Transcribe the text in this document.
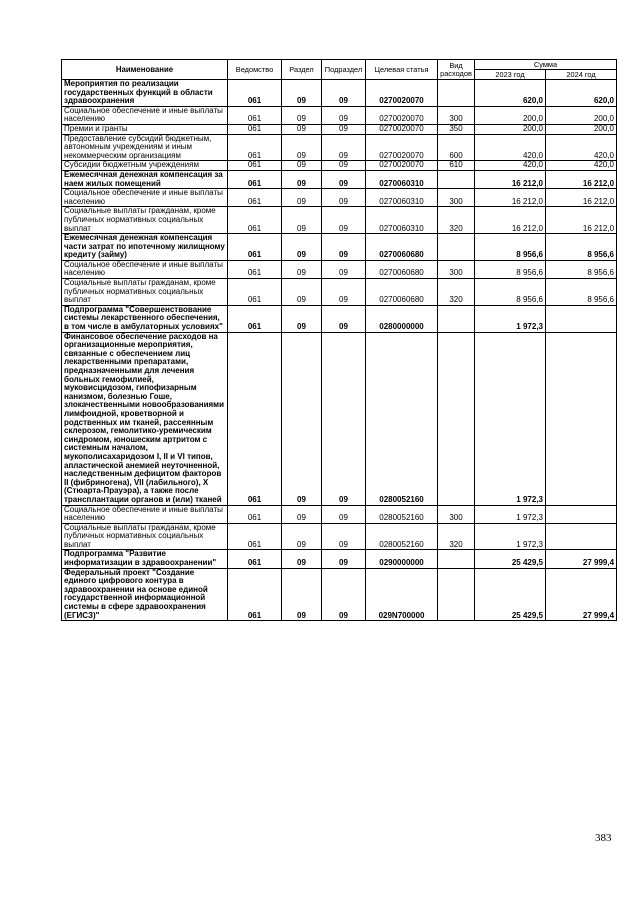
Наименование	Ведомство	Раздел	Подраздел	Целевая статья	Вид расходов	Сумма	
						2023 год	2024 год
Мероприятия по реализации государственных функций в области здравоохранения	061	09	09	0270020070		620,0	620,0
Социальное обеспечение и иные выплаты населению	061	09	09	0270020070	300	200,0	200,0
Премии и гранты	061	09	09	0270020070	350	200,0	200,0
Предоставление субсидий бюджетным, автономным учреждениям и иным некоммерческим организациям	061	09	09	0270020070	600	420,0	420,0
Субсидии бюджетным учреждениям	061	09	09	0270020070	610	420,0	420,0
Ежемесячная денежная компенсация за наем жилых помещений	061	09	09	0270060310		16 212,0	16 212,0
Социальное обеспечение и иные выплаты населению	061	09	09	0270060310	300	16 212,0	16 212,0
Социальные выплаты гражданам, кроме публичных нормативных социальных выплат	061	09	09	0270060310	320	16 212,0	16 212,0
Ежемесячная денежная компенсация части затрат по ипотечному жилищному кредиту (займу)	061	09	09	0270060680		8 956,6	8 956,6
Социальное обеспечение и иные выплаты населению	061	09	09	0270060680	300	8 956,6	8 956,6
Социальные выплаты гражданам, кроме публичных нормативных социальных выплат	061	09	09	0270060680	320	8 956,6	8 956,6
Подпрограмма "Совершенствование системы лекарственного обеспечения, в том числе в амбулаторных условиях"	061	09	09	0280000000		1 972,3	
Финансовое обеспечение расходов на организационные мероприятия, связанные с обеспечением лиц лекарственными препаратами, предназначенными для лечения больных гемофилией, муковисцидозом, гипофизарным нанизмом, болезнью Гоше, злокачественными новообразованиями лимфоидной, кроветворной и родственных им тканей, рассеянным склерозом, гемолитико-уремическим синдромом, юношеским артритом с системным началом, мукополисахаридозом I, II и VI типов, апластической анемией неуточненной, наследственным дефицитом факторов II (фибриногена), VII (лабильного), X (Стюарта-Прауэра), а также после трансплантации органов и (или) тканей	061	09	09	0280052160		1 972,3	
Социальное обеспечение и иные выплаты населению	061	09	09	0280052160	300	1 972,3	
Социальные выплаты гражданам, кроме публичных нормативных социальных выплат	061	09	09	0280052160	320	1 972,3	
Подпрограмма "Развитие информатизации в здравоохранении"	061	09	09	0290000000		25 429,5	27 999,4
Федеральный проект "Создание единого цифрового контура в здравоохранении на основе единой государственной информационной системы в сфере здравоохранения (ЕГИСЗ)"	061	09	09	029N700000		25 429,5	27 999,4
383
